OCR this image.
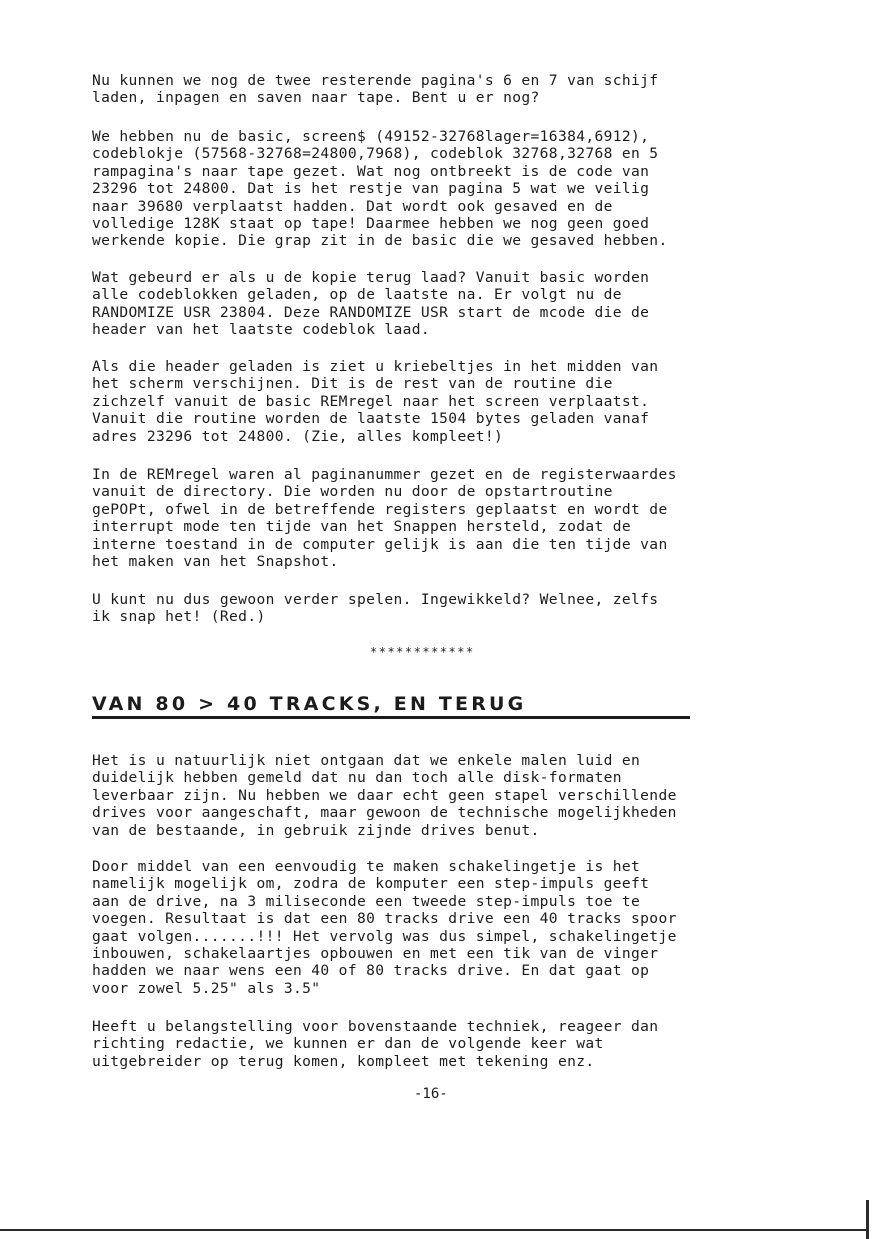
Nu kunnen we nog de twee resterende pagina's 6 en 7 van schijf
laden, inpagen en saven naar tape. Bent u er nog?

We hebben nu de basic, screen$ (49152-32768lager=16384,6912),
codeblokje (57568-32768=24800,7968), codeblok 32768,32768 en 5
rampagina's naar tape gezet. Wat nog ontbreekt is de code van
23296 tot 24800. Dat is het restje van pagina 5 wat we veilig
naar 39680 verplaatst hadden. Dat wordt ook gesaved en de
volledige 128K staat op tape! Daarmee hebben we nog geen goed
werkende kopie. Die grap zit in de basic die we gesaved hebben.

Wat gebeurd er als u de kopie terug laad? Vanuit basic worden
alle codeblokken geladen, op de laatste na. Er volgt nu de
RANDOMIZE USR 23804. Deze RANDOMIZE USR start de mcode die de
header van het laatste codeblok laad.

Als die header geladen is ziet u kriebeltjes in het midden van
het scherm verschijnen. Dit is de rest van de routine die
zichzelf vanuit de basic REMregel naar het screen verplaatst.
Vanuit die routine worden de laatste 1504 bytes geladen vanaf
adres 23296 tot 24800. (Zie, alles kompleet!)

In de REMregel waren al paginanummer gezet en de registerwaardes
vanuit de directory. Die worden nu door de opstartroutine
gePOPt, ofwel in de betreffende registers geplaatst en wordt de
interrupt mode ten tijde van het Snappen hersteld, zodat de
interne toestand in de computer gelijk is aan die ten tijde van
het maken van het Snapshot.

U kunt nu dus gewoon verder spelen. Ingewikkeld? Welnee, zelfs
ik snap het! (Red.)

************
VAN 80 > 40 TRACKS, EN TERUG

Het is u natuurlijk niet ontgaan dat we enkele malen luid en
duidelijk hebben gemeld dat nu dan toch alle disk-formaten
leverbaar zijn. Nu hebben we daar echt geen stapel verschillende
drives voor aangeschaft, maar gewoon de technische mogelijkheden
van de bestaande, in gebruik zijnde drives benut.

Door middel van een eenvoudig te maken schakelingetje is het
namelijk mogelijk om, zodra de komputer een step-impuls geeft
aan de drive, na 3 miliseconde een tweede step-impuls toe te
voegen. Resultaat is dat een 80 tracks drive een 40 tracks spoor
gaat volgen.......!!! Het vervolg was dus simpel, schakelingetje
inbouwen, schakelaartjes opbouwen en met een tik van de vinger
hadden we naar wens een 40 of 80 tracks drive. En dat gaat op
voor zowel 5.25" als 3.5"

Heeft u belangstelling voor bovenstaande techniek, reageer dan
richting redactie, we kunnen er dan de volgende keer wat
uitgebreider op terug komen, kompleet met tekening enz.

-16-
